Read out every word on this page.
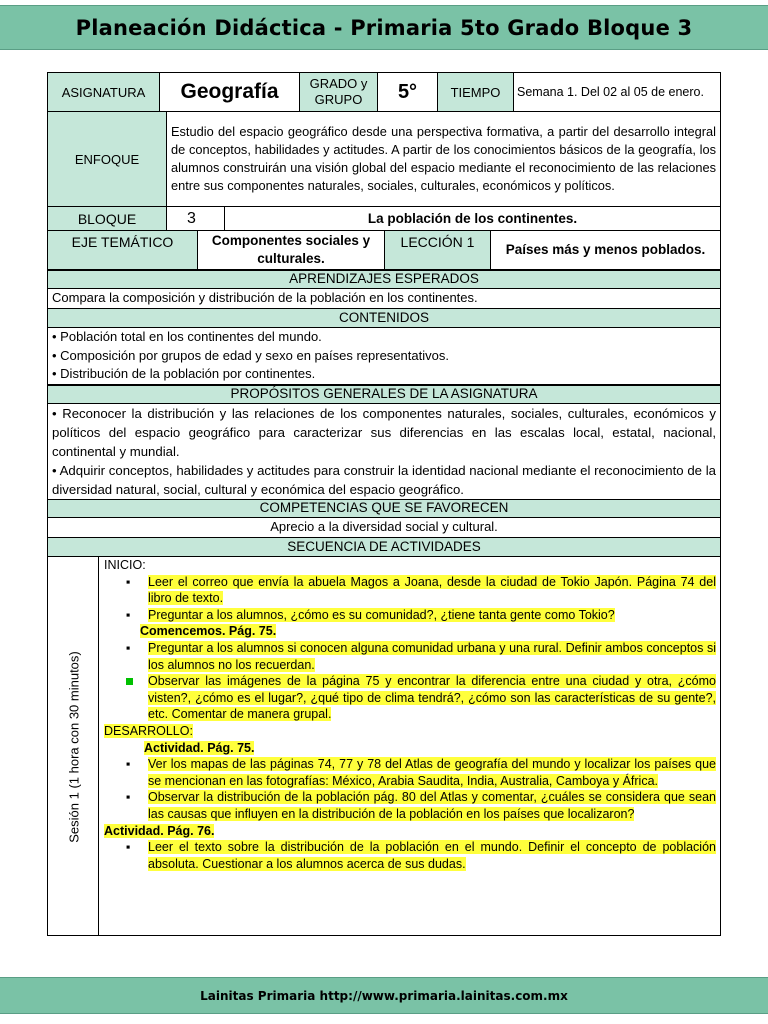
Planeación Didáctica - Primaria 5to Grado Bloque 3
ASIGNATURA	Geografía	GRADO y GRUPO	5°	TIEMPO	Semana 1. Del 02 al 05 de enero.
ENFOQUE	Estudio del espacio geográfico desde una perspectiva formativa, a partir del desarrollo integral de conceptos, habilidades y actitudes. A partir de los conocimientos básicos de la geografía, los alumnos construirán una visión global del espacio mediante el reconocimiento de las relaciones entre sus componentes naturales, sociales, culturales, económicos y políticos.
BLOQUE	3	La población de los continentes.
EJE TEMÁTICO	Componentes sociales y culturales.	LECCIÓN 1	Países más y menos poblados.
APRENDIZAJES ESPERADOS
Compara la composición y distribución de la población en los continentes.
CONTENIDOS
• Población total en los continentes del mundo.
• Composición por grupos de edad y sexo en países representativos.
• Distribución de la población por continentes.
PROPÓSITOS GENERALES DE LA ASIGNATURA
• Reconocer la distribución y las relaciones de los componentes naturales, sociales, culturales, económicos y políticos del espacio geográfico para caracterizar sus diferencias en las escalas local, estatal, nacional, continental y mundial.
• Adquirir conceptos, habilidades y actitudes para construir la identidad nacional mediante el reconocimiento de la diversidad natural, social, cultural y económica del espacio geográfico.
COMPETENCIAS QUE SE FAVORECEN
Aprecio a la diversidad social y cultural.
SECUENCIA DE ACTIVIDADES
Sesión 1 (1 hora con 30 minutos)
INICIO:
▪ Leer el correo que envía la abuela Magos a Joana, desde la ciudad de Tokio Japón. Página 74 del libro de texto.
▪ Preguntar a los alumnos, ¿cómo es su comunidad?, ¿tiene tanta gente como Tokio?
Comencemos. Pág. 75.
▪ Preguntar a los alumnos si conocen alguna comunidad urbana y una rural. Definir ambos conceptos si los alumnos no los recuerdan.
Observar las imágenes de la página 75 y encontrar la diferencia entre una ciudad y otra, ¿cómo visten?, ¿cómo es el lugar?, ¿qué tipo de clima tendrá?, ¿cómo son las características de su gente?, etc. Comentar de manera grupal.
DESARROLLO:
Actividad. Pág. 75.
▪ Ver los mapas de las páginas 74, 77 y 78 del Atlas de geografía del mundo y localizar los países que se mencionan en las fotografías: México, Arabia Saudita, India, Australia, Camboya y África.
▪ Observar la distribución de la población pág. 80 del Atlas y comentar, ¿cuáles se considera que sean las causas que influyen en la distribución de la población en los países que localizaron?
Actividad. Pág. 76.
▪ Leer el texto sobre la distribución de la población en el mundo. Definir el concepto de población absoluta. Cuestionar a los alumnos acerca de sus dudas.
Lainitas Primaria http://www.primaria.lainitas.com.mx
